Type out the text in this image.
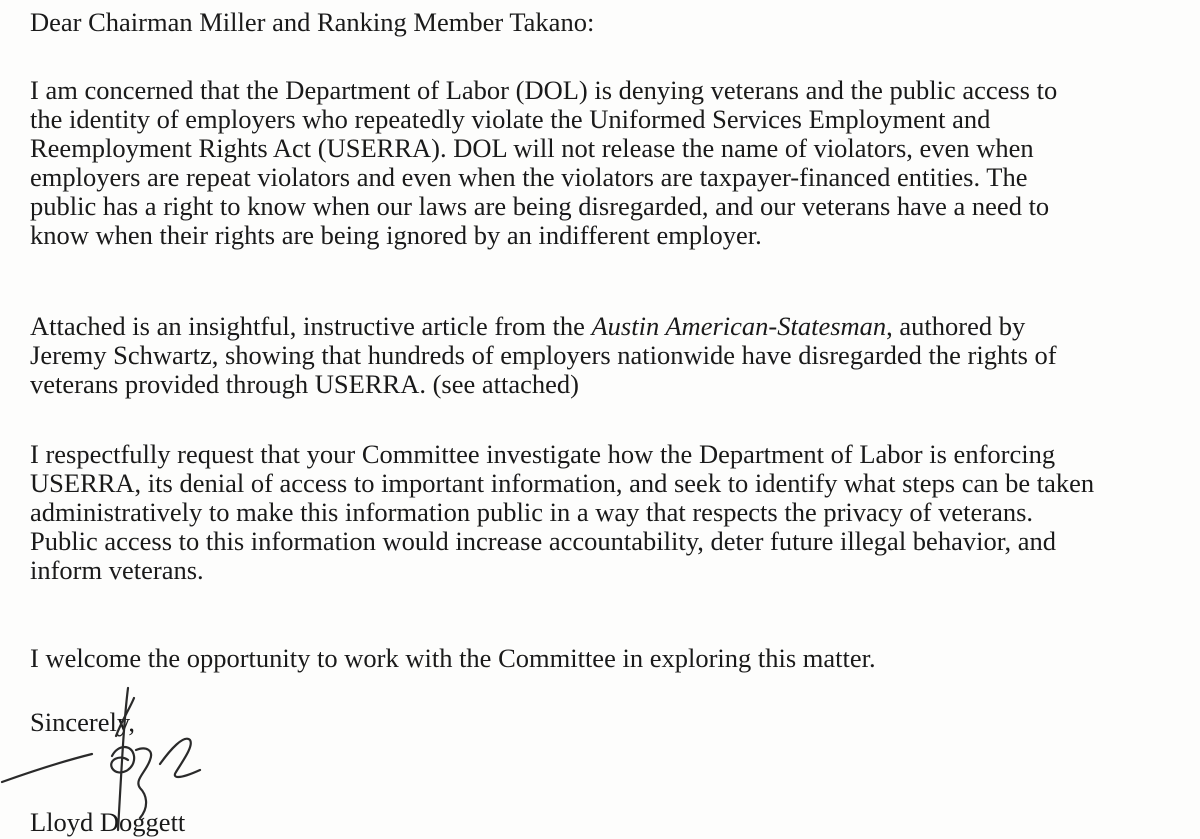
Dear Chairman Miller and Ranking Member Takano:

I am concerned that the Department of Labor (DOL) is denying veterans and the public access to
the identity of employers who repeatedly violate the Uniformed Services Employment and
Reemployment Rights Act (USERRA). DOL will not release the name of violators, even when
employers are repeat violators and even when the violators are taxpayer-financed entities. The
public has a right to know when our laws are being disregarded, and our veterans have a need to
know when their rights are being ignored by an indifferent employer.

Attached is an insightful, instructive article from the Austin American-Statesman, authored by
Jeremy Schwartz, showing that hundreds of employers nationwide have disregarded the rights of
veterans provided through USERRA. (see attached)

I respectfully request that your Committee investigate how the Department of Labor is enforcing
USERRA, its denial of access to important information, and seek to identify what steps can be taken
administratively to make this information public in a way that respects the privacy of veterans.
Public access to this information would increase accountability, deter future illegal behavior, and
inform veterans.

I welcome the opportunity to work with the Committee in exploring this matter.

Sincerely,
Lloyd Doggett
